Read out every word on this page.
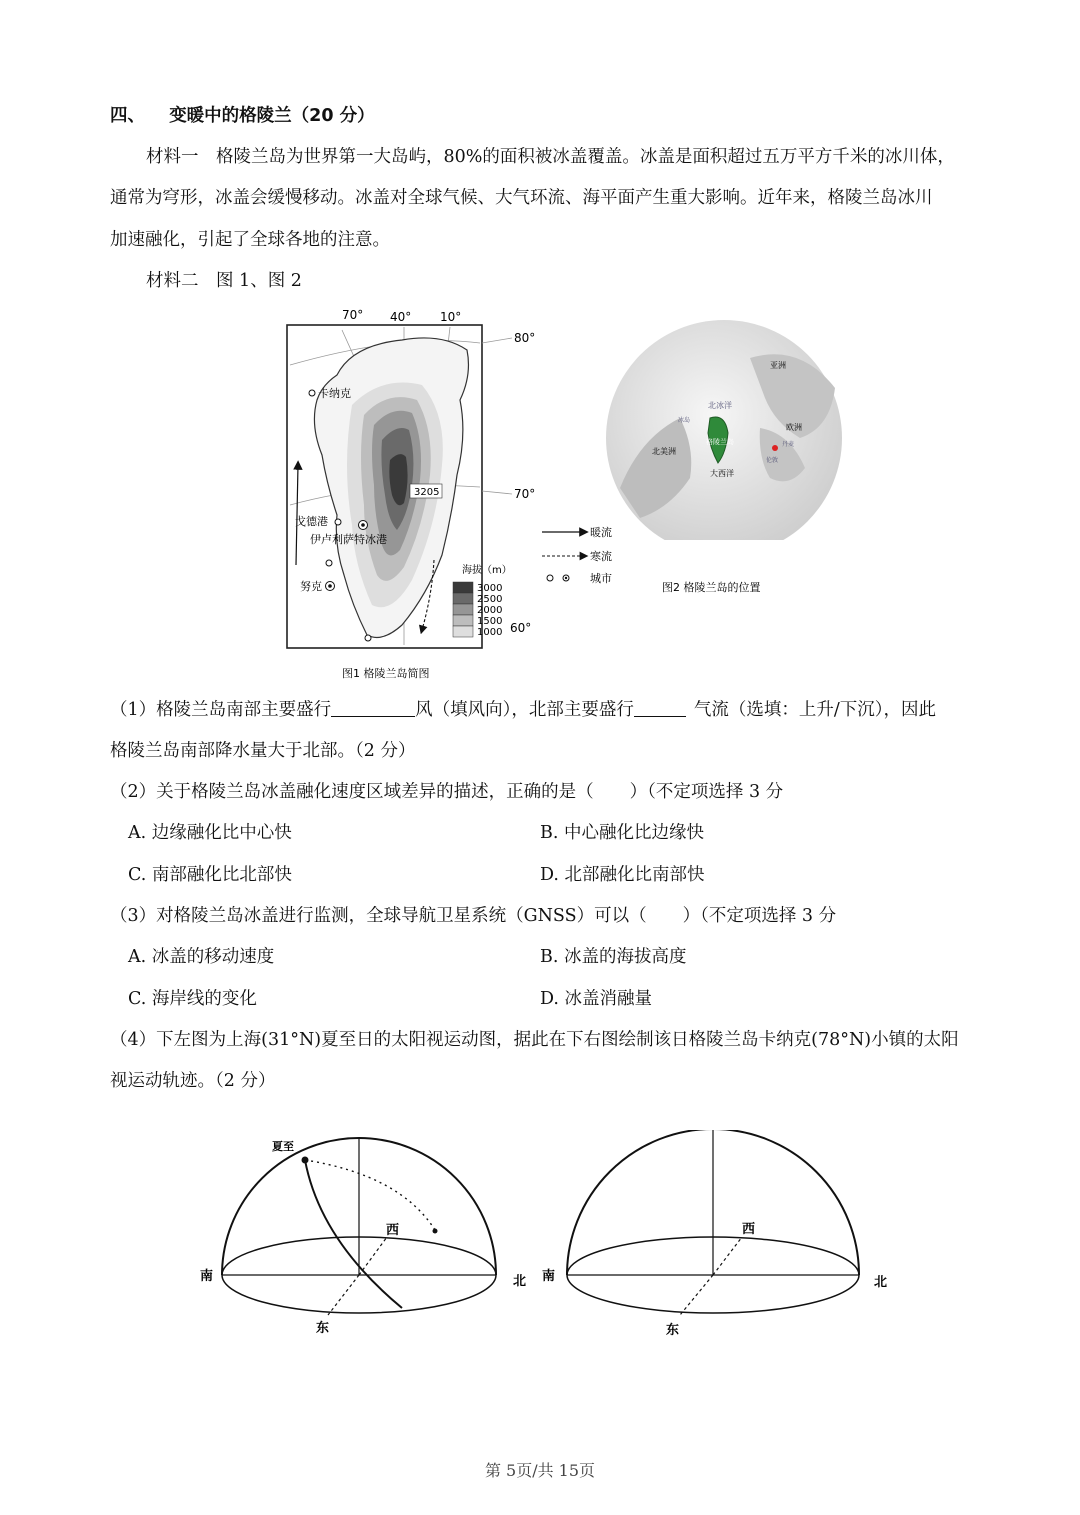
四、 变暖中的格陵兰（20 分）
材料一　格陵兰岛为世界第一大岛屿，80%的面积被冰盖覆盖。冰盖是面积超过五万平方千米的冰川体，
通常为穹形，冰盖会缓慢移动。冰盖对全球气候、大气环流、海平面产生重大影响。近年来，格陵兰岛冰川
加速融化，引起了全球各地的注意。
材料二　图 1、图 2
70° 40° 10°
80°
70°
60°
卡纳克
戈德港
伊卢利萨特冰港
努克
3205
海拔（m）
3000
2500
2000
1500
1000
图1 格陵兰岛简图
暖流
寒流
城市
亚洲
北冰洋
欧洲
北美洲
大西洋
格陵兰岛
冰岛
伦敦
丹麦
图2 格陵兰岛的位置
（1）格陵兰岛南部主要盛行	风（填风向），北部主要盛行	气流（选填：上升/下沉），因此
格陵兰岛南部降水量大于北部。（2 分）
（2）关于格陵兰岛冰盖融化速度区域差异的描述，正确的是（ ）（不定项选择 3 分
A. 边缘融化比中心快	B. 中心融化比边缘快
C. 南部融化比北部快	D. 北部融化比南部快
（3）对格陵兰岛冰盖进行监测，全球导航卫星系统（GNSS）可以（ ）（不定项选择 3 分
A. 冰盖的移动速度	B. 冰盖的海拔高度
C. 海岸线的变化	D. 冰盖消融量
（4）下左图为上海(31°N)夏至日的太阳视运动图，据此在下右图绘制该日格陵兰岛卡纳克(78°N)小镇的太阳
视运动轨迹。（2 分）
夏至
南	北
东
西
南	北
东
西
第 5页/共 15页
